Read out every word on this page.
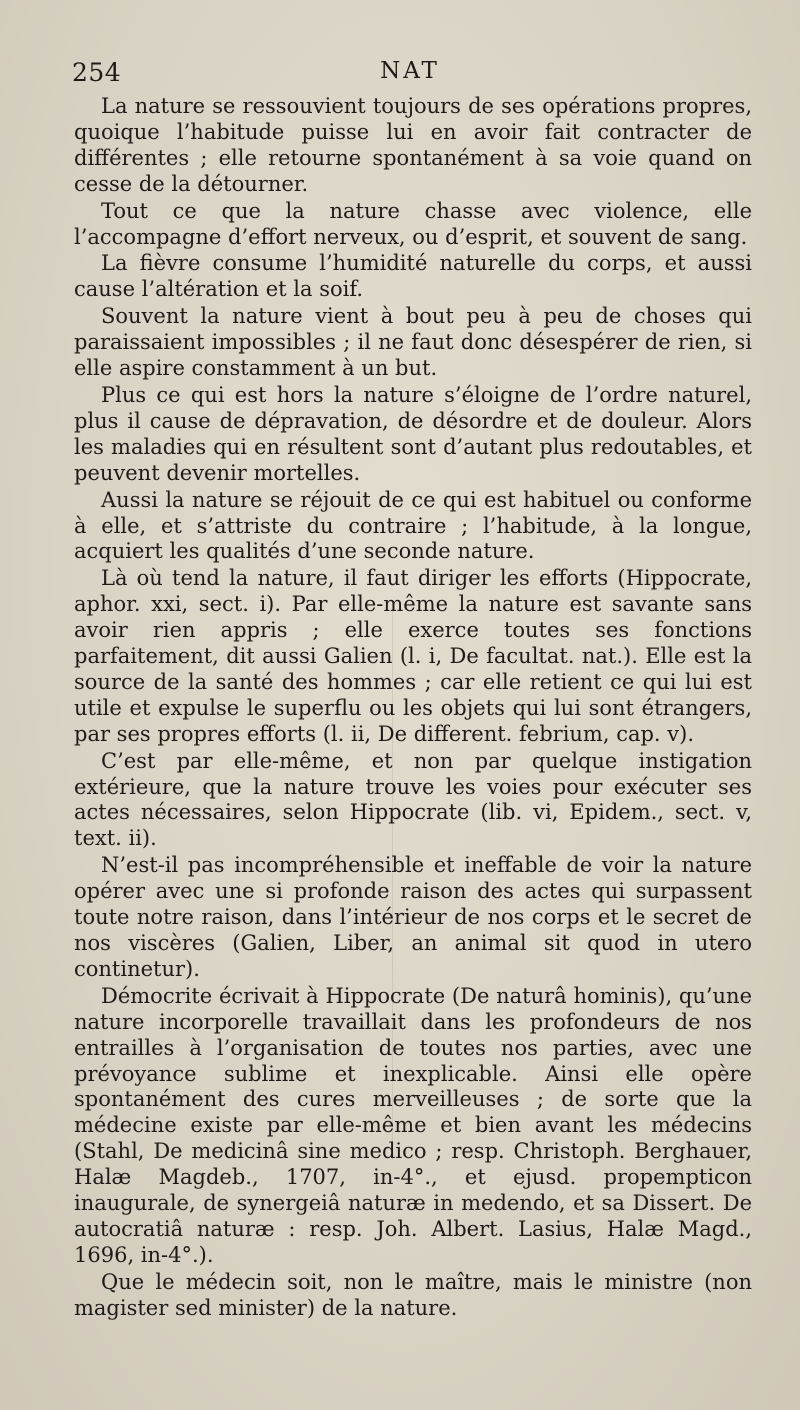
254	NAT

La nature se ressouvient toujours de ses opérations propres, quoique l’habitude puisse lui en avoir fait contracter de différentes ; elle retourne spontanément à sa voie quand on cesse de la détourner.

Tout ce que la nature chasse avec violence, elle l’accompagne d’effort nerveux, ou d’esprit, et souvent de sang.

La fièvre consume l’humidité naturelle du corps, et aussi cause l’altération et la soif.

Souvent la nature vient à bout peu à peu de choses qui paraissaient impossibles ; il ne faut donc désespérer de rien, si elle aspire constamment à un but.

Plus ce qui est hors la nature s’éloigne de l’ordre naturel, plus il cause de dépravation, de désordre et de douleur. Alors les maladies qui en résultent sont d’autant plus redoutables, et peuvent devenir mortelles.

Aussi la nature se réjouit de ce qui est habituel ou conforme à elle, et s’attriste du contraire ; l’habitude, à la longue, acquiert les qualités d’une seconde nature.

Là où tend la nature, il faut diriger les efforts (Hippocrate, aphor. xxi, sect. i). Par elle-même la nature est savante sans avoir rien appris ; elle exerce toutes ses fonctions parfaitement, dit aussi Galien (l. i, De facultat. nat.). Elle est la source de la santé des hommes ; car elle retient ce qui lui est utile et expulse le superflu ou les objets qui lui sont étrangers, par ses propres efforts (l. ii, De different. febrium, cap. v).

C’est par elle-même, et non par quelque instigation extérieure, que la nature trouve les voies pour exécuter ses actes nécessaires, selon Hippocrate (lib. vi, Epidem., sect. v, text. ii).

N’est-il pas incompréhensible et ineffable de voir la nature opérer avec une si profonde raison des actes qui surpassent toute notre raison, dans l’intérieur de nos corps et le secret de nos viscères (Galien, Liber, an animal sit quod in utero continetur).

Démocrite écrivait à Hippocrate (De naturâ hominis), qu’une nature incorporelle travaillait dans les profondeurs de nos entrailles à l’organisation de toutes nos parties, avec une prévoyance sublime et inexplicable. Ainsi elle opère spontanément des cures merveilleuses ; de sorte que la médecine existe par elle-même et bien avant les médecins (Stahl, De medicinâ sine medico ; resp. Christoph. Berghauer, Halæ Magdeb., 1707, in-4°., et ejusd. propempticon inaugurale, de synergeiâ naturæ in medendo, et sa Dissert. De autocratiâ naturæ : resp. Joh. Albert. Lasius, Halæ Magd., 1696, in-4°.).

Que le médecin soit, non le maître, mais le ministre (non magister sed minister) de la nature.
